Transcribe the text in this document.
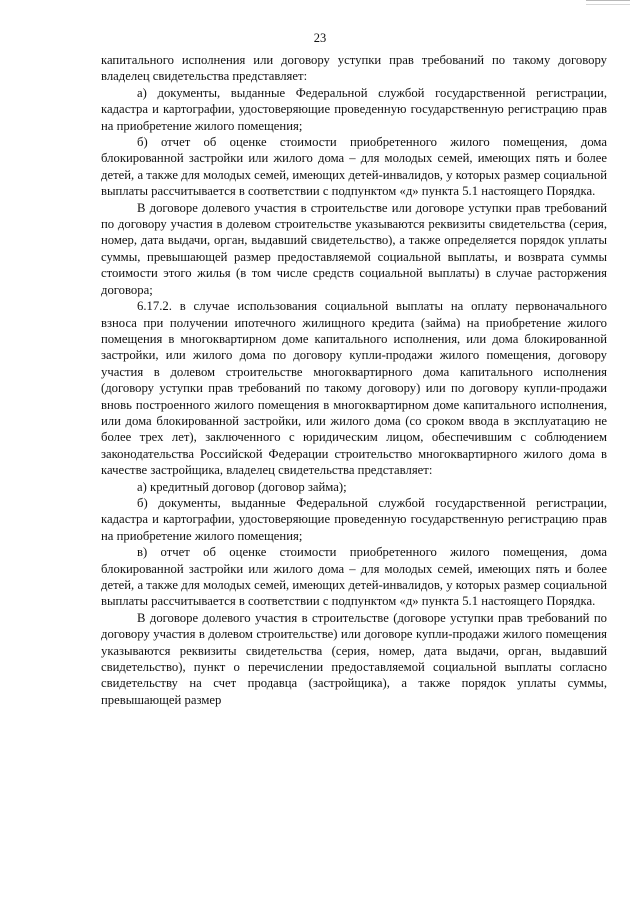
23

капитального исполнения или договору уступки прав требований по такому договору владелец свидетельства представляет:

а) документы, выданные Федеральной службой государственной регистрации, кадастра и картографии, удостоверяющие проведенную государственную регистрацию прав на приобретение жилого помещения;

б) отчет об оценке стоимости приобретенного жилого помещения, дома блокированной застройки или жилого дома – для молодых семей, имеющих пять и более детей, а также для молодых семей, имеющих детей-инвалидов, у которых размер социальной выплаты рассчитывается в соответствии с подпунктом «д» пункта 5.1 настоящего Порядка.

В договоре долевого участия в строительстве или договоре уступки прав требований по договору участия в долевом строительстве указываются реквизиты свидетельства (серия, номер, дата выдачи, орган, выдавший свидетельство), а также определяется порядок уплаты суммы, превышающей размер предоставляемой социальной выплаты, и возврата суммы стоимости этого жилья (в том числе средств социальной выплаты) в случае расторжения договора;

6.17.2. в случае использования социальной выплаты на оплату первоначального взноса при получении ипотечного жилищного кредита (займа) на приобретение жилого помещения в многоквартирном доме капитального исполнения, или дома блокированной застройки, или жилого дома по договору купли-продажи жилого помещения, договору участия в долевом строительстве многоквартирного дома капитального исполнения (договору уступки прав требований по такому договору) или по договору купли-продажи вновь построенного жилого помещения в многоквартирном доме капитального исполнения, или дома блокированной застройки, или жилого дома (со сроком ввода в эксплуатацию не более трех лет), заключенного с юридическим лицом, обеспечившим с соблюдением законодательства Российской Федерации строительство многоквартирного жилого дома в качестве застройщика, владелец свидетельства представляет:

а) кредитный договор (договор займа);

б) документы, выданные Федеральной службой государственной регистрации, кадастра и картографии, удостоверяющие проведенную государственную регистрацию прав на приобретение жилого помещения;

в) отчет об оценке стоимости приобретенного жилого помещения, дома блокированной застройки или жилого дома – для молодых семей, имеющих пять и более детей, а также для молодых семей, имеющих детей-инвалидов, у которых размер социальной выплаты рассчитывается в соответствии с подпунктом «д» пункта 5.1 настоящего Порядка.

В договоре долевого участия в строительстве (договоре уступки прав требований по договору участия в долевом строительстве) или договоре купли-продажи жилого помещения указываются реквизиты свидетельства (серия, номер, дата выдачи, орган, выдавший свидетельство), пункт о перечислении предоставляемой социальной выплаты согласно свидетельству на счет продавца (застройщика), а также порядок уплаты суммы, превышающей размер
